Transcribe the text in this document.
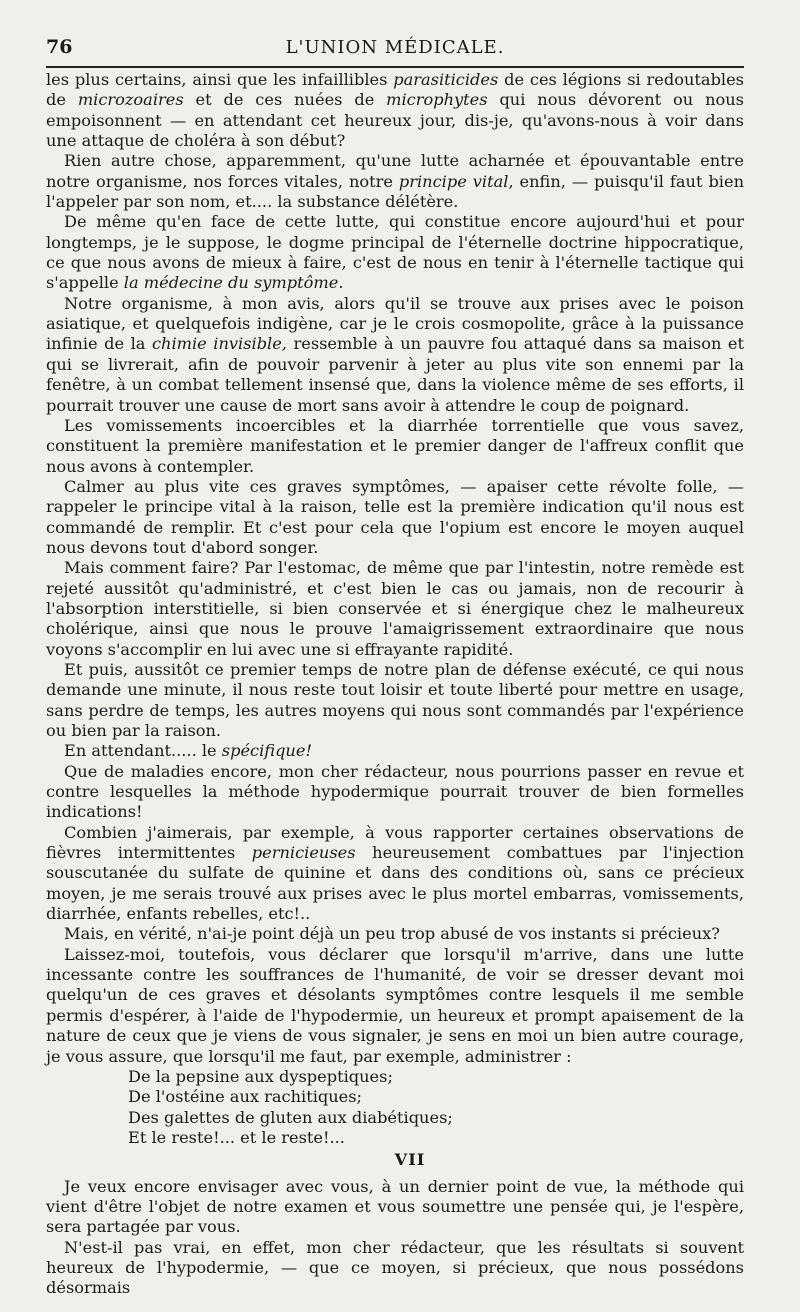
76	L'UNION MÉDICALE.

les plus certains, ainsi que les infaillibles parasiticides de ces légions si redoutables de microzoaires et de ces nuées de microphytes qui nous dévorent ou nous empoisonnent — en attendant cet heureux jour, dis-je, qu'avons-nous à voir dans une attaque de choléra à son début?

Rien autre chose, apparemment, qu'une lutte acharnée et épouvantable entre notre organisme, nos forces vitales, notre principe vital, enfin, — puisqu'il faut bien l'appeler par son nom, et.... la substance délétère.

De même qu'en face de cette lutte, qui constitue encore aujourd'hui et pour longtemps, je le suppose, le dogme principal de l'éternelle doctrine hippocratique, ce que nous avons de mieux à faire, c'est de nous en tenir à l'éternelle tactique qui s'appelle la médecine du symptôme.

Notre organisme, à mon avis, alors qu'il se trouve aux prises avec le poison asiatique, et quelquefois indigène, car je le crois cosmopolite, grâce à la puissance infinie de la chimie invisible, ressemble à un pauvre fou attaqué dans sa maison et qui se livrerait, afin de pouvoir parvenir à jeter au plus vite son ennemi par la fenêtre, à un combat tellement insensé que, dans la violence même de ses efforts, il pourrait trouver une cause de mort sans avoir à attendre le coup de poignard.

Les vomissements incoercibles et la diarrhée torrentielle que vous savez, constituent la première manifestation et le premier danger de l'affreux conflit que nous avons à contempler.

Calmer au plus vite ces graves symptômes, — apaiser cette révolte folle, — rappeler le principe vital à la raison, telle est la première indication qu'il nous est commandé de remplir. Et c'est pour cela que l'opium est encore le moyen auquel nous devons tout d'abord songer.

Mais comment faire? Par l'estomac, de même que par l'intestin, notre remède est rejeté aussitôt qu'administré, et c'est bien le cas ou jamais, non de recourir à l'absorption interstitielle, si bien conservée et si énergique chez le malheureux cholérique, ainsi que nous le prouve l'amaigrissement extraordinaire que nous voyons s'accomplir en lui avec une si effrayante rapidité.

Et puis, aussitôt ce premier temps de notre plan de défense exécuté, ce qui nous demande une minute, il nous reste tout loisir et toute liberté pour mettre en usage, sans perdre de temps, les autres moyens qui nous sont commandés par l'expérience ou bien par la raison.

En attendant..... le spécifique!

Que de maladies encore, mon cher rédacteur, nous pourrions passer en revue et contre lesquelles la méthode hypodermique pourrait trouver de bien formelles indications!

Combien j'aimerais, par exemple, à vous rapporter certaines observations de fièvres intermittentes pernicieuses heureusement combattues par l'injection souscutanée du sulfate de quinine et dans des conditions où, sans ce précieux moyen, je me serais trouvé aux prises avec le plus mortel embarras, vomissements, diarrhée, enfants rebelles, etc!..

Mais, en vérité, n'ai-je point déjà un peu trop abusé de vos instants si précieux?

Laissez-moi, toutefois, vous déclarer que lorsqu'il m'arrive, dans une lutte incessante contre les souffrances de l'humanité, de voir se dresser devant moi quelqu'un de ces graves et désolants symptômes contre lesquels il me semble permis d'espérer, à l'aide de l'hypodermie, un heureux et prompt apaisement de la nature de ceux que je viens de vous signaler, je sens en moi un bien autre courage, je vous assure, que lorsqu'il me faut, par exemple, administrer :

De la pepsine aux dyspeptiques;

De l'ostéine aux rachitiques;

Des galettes de gluten aux diabétiques;

Et le reste!... et le reste!...

VII

Je veux encore envisager avec vous, à un dernier point de vue, la méthode qui vient d'être l'objet de notre examen et vous soumettre une pensée qui, je l'espère, sera partagée par vous.

N'est-il pas vrai, en effet, mon cher rédacteur, que les résultats si souvent heureux de l'hypodermie, — que ce moyen, si précieux, que nous possédons désormais
